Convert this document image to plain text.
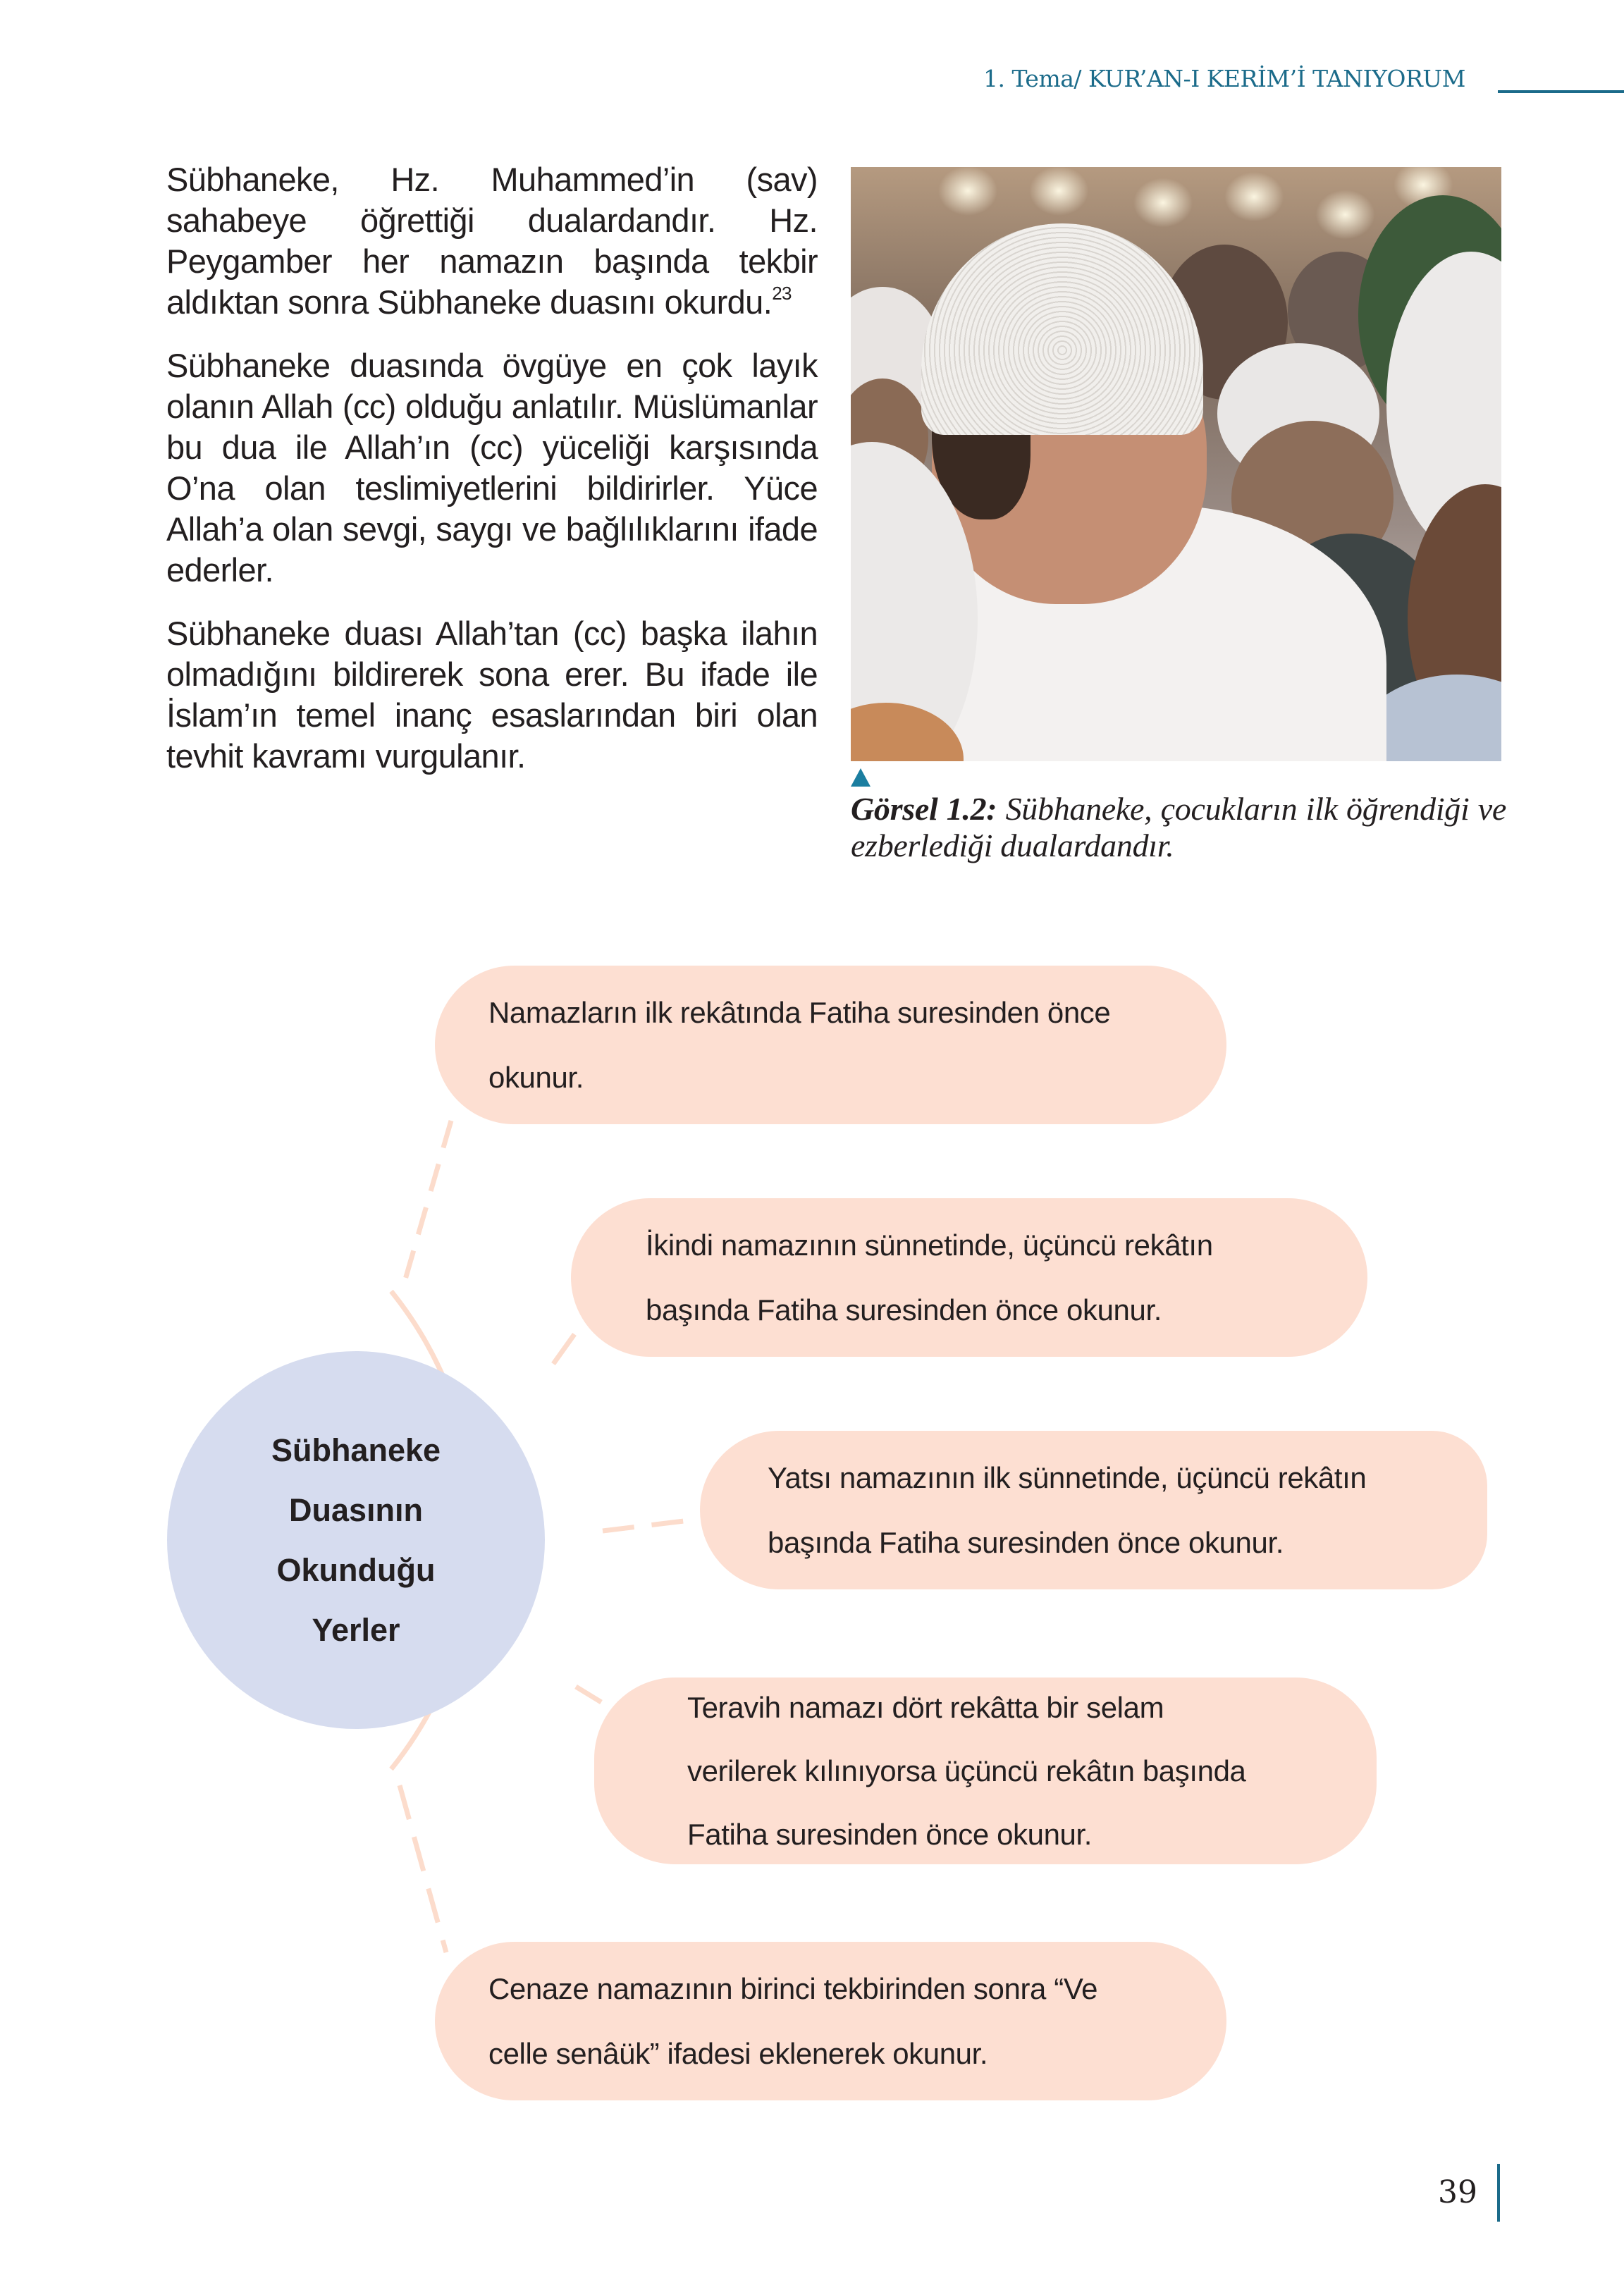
1. Tema/ KUR’AN-I KERİM’İ TANIYORUM

Sübhaneke, Hz. Muhammed’in (sav) sahabeye öğrettiği dualardandır. Hz. Peygamber her namazın başında tekbir aldıktan sonra Sübhaneke duasını okurdu.$^{23}$

Sübhaneke duasında övgüye en çok layık olanın Allah (cc) olduğu anlatılır. Müslümanlar bu dua ile Allah’ın (cc) yüceliği karşısında O’na olan teslimiyetlerini bildirirler. Yüce Allah’a olan sevgi, saygı ve bağlılıklarını ifade ederler.

Sübhaneke duası Allah’tan (cc) başka ilahın olmadığını bildirerek sona erer. Bu ifade ile İslam’ın temel inanç esaslarından biri olan tevhit kavramı vurgulanır.

Görsel 1.2: Sübhaneke, çocukların ilk öğrendiği ve ezberlediği dualardandır.
Sübhaneke
Duasının
Okunduğu
Yerler
Namazların ilk rekâtında Fatiha suresinden önce
okunur.
İkindi namazının sünnetinde, üçüncü rekâtın
başında Fatiha suresinden önce okunur.
Yatsı namazının ilk sünnetinde, üçüncü rekâtın
başında Fatiha suresinden önce okunur.
Teravih namazı dört rekâtta bir selam
verilerek kılınıyorsa üçüncü rekâtın başında
Fatiha suresinden önce okunur.
Cenaze namazının birinci tekbirinden sonra “Ve
celle senâük” ifadesi eklenerek okunur.
39
